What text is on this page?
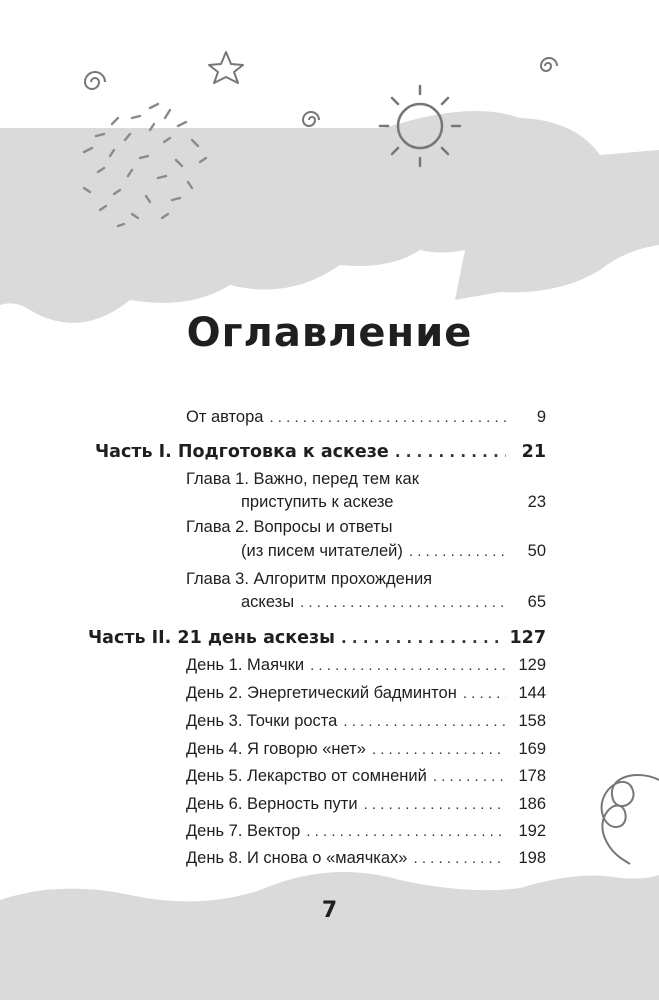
Оглавление
От автора . . .	9
Часть I. Подготовка к аскезе . . .	21
Глава 1. Важно, перед тем как
приступить к аскезе	23
Глава 2. Вопросы и ответы
(из писем читателей) . . .	50
Глава 3. Алгоритм прохождения
аскезы . . .	65
Часть II. 21 день аскезы . . .	127
День 1. Маячки . . .	129
День 2. Энергетический бадминтон . . .	144
День 3. Точки роста . . .	158
День 4. Я говорю «нет» . . .	169
День 5. Лекарство от сомнений . . .	178
День 6. Верность пути . . .	186
День 7. Вектор . . .	192
День 8. И снова о «маячках» . . .	198
7
